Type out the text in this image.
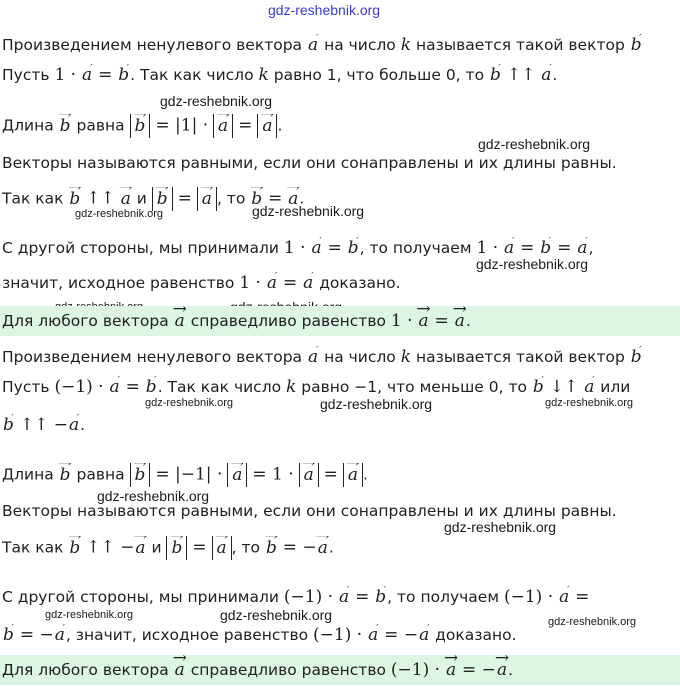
gdz-reshebnik.org
Произведением ненулевого вектора → a на число k называется такой вектор → b
Пусть 1 · → a = → b. Так как число k равно 1, что больше 0, то → b ↑↑ → a.
gdz-reshebnik.org
Длина → b равна → b = |1| · → a = → a .
gdz-reshebnik.org
Векторы называются равными, если они сонаправлены и их длины равны.
Так как → b ↑↑ → a и → b = → a , то → b = → a.
gdz-reshebnik.org	gdz-reshebnik.org
С другой стороны, мы принимали 1 · → a = → b, то получаем 1 · → a = → b = → a,
gdz-reshebnik.org
значит, исходное равенство 1 · → a = → a доказано.
Для любого вектора → a справедливо равенство 1 · → a = → a.
Произведением ненулевого вектора → a на число k называется такой вектор → b
Пусть (−1) · → a = → b. Так как число k равно −1, что меньше 0, то → b ↓↑ → a или
gdz-reshebnik.org	gdz-reshebnik.org	gdz-reshebnik.org
→ b ↑↑ −→ a.
Длина → b равна → b = |−1| · → a = 1 · → a = → a .
gdz-reshebnik.org
Векторы называются равными, если они сонаправлены и их длины равны.
gdz-reshebnik.org
Так как → b ↑↑ −→ a и → b = → a , то → b = −→ a.
С другой стороны, мы принимали (−1) · → a = → b, то получаем (−1) · → a =
gdz-reshebnik.org	gdz-reshebnik.org	gdz-reshebnik.org
→ b = −→ a, значит, исходное равенство (−1) · → a = −→ a доказано.
Для любого вектора → a справедливо равенство (−1) · → a = −→ a.
